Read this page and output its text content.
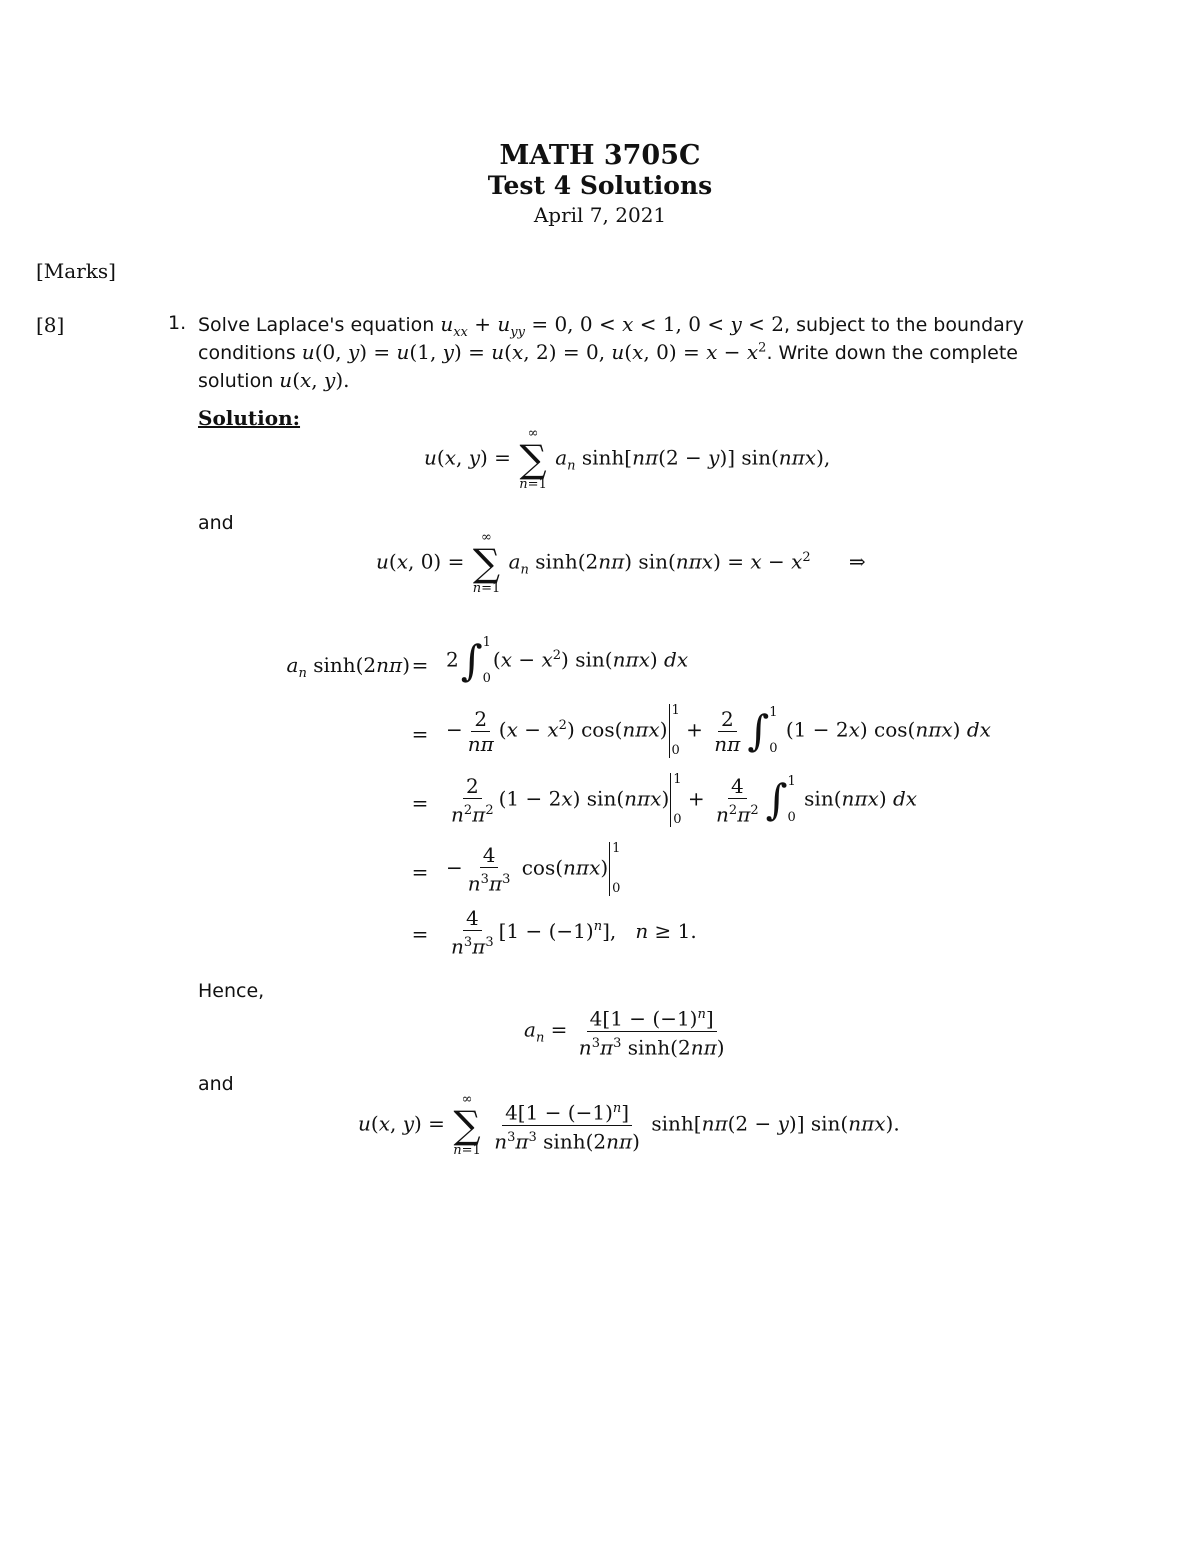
MATH 3705C
Test 4 Solutions
April 7, 2021
[Marks]
[8]	1. Solve Laplace's equation $u_{xx} + u_{yy} = 0$, 0 < x < 1, 0 < y < 2, subject to the boundary
conditions u(0, y) = u(1, y) = u(x, 2) = 0, u(x, $0) = x - x^2$. Write down the complete
solution u(x, y).
Solution:
u(x, y) =
∞
∑
n=1
$a_n$ sinh[nπ(2 − y)] sin(nπx),
and
u(x, 0) =
∞
∑
n=1
$a_n$ sinh(2nπ) $\sin(n\pi x) = x - x^2$      ⇒
$a_n$ sinh(2nπ) = 2 ∫ 1
0
$(x - x^2)$ sin(nπx) dx
= − $\frac{2}{n\pi} (x - x^2)$ cos(nπx)
1
0
+ $\frac{2}{n\pi}$ ∫ 1
0
(1 − 2x) cos(nπx) dx
= $\frac{2}{n^2\pi^2} (1 - 2x)$ sin(nπx)
1
0
+ $\frac{4}{n^2\pi^2}$ ∫ 1
0
sin(nπx) dx
= − $\frac{4}{n^3\pi^3} \cos(n\pi x)$
1
0
= $\frac{4}{n^3\pi^3} [1 - (-1)^n]$,   n ≥ 1.
Hence,
$a_n = \frac{4[1 - (-1)^n]}{n^3\pi^3 \sinh(2n\pi)}$
and
u(x, y) =
∞
∑
n=1
$\frac{4[1 - (-1)^n]}{n^3\pi^3 \sinh(2n\pi)} \sinh[n\pi(2 - y)]$ sin(nπx).
